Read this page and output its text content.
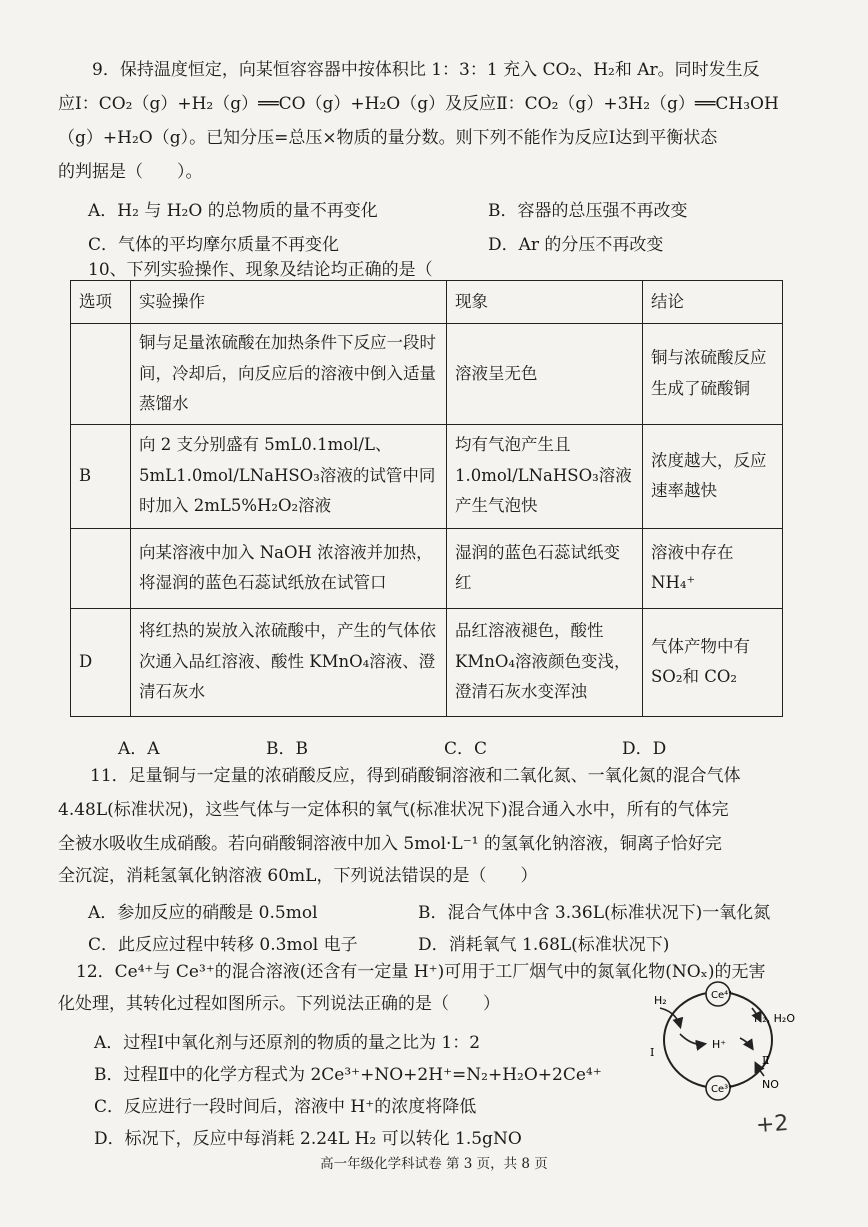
9．保持温度恒定，向某恒容容器中按体积比 1：3：1 充入 CO₂、H₂和 Ar。同时发生反
应Ⅰ：CO₂（g）+H₂（g）══CO（g）+H₂O（g）及反应Ⅱ：CO₂（g）+3H₂（g）══CH₃OH
（g）+H₂O（g）。已知分压=总压×物质的量分数。则下列不能作为反应Ⅰ达到平衡状态
的判据是（　　）。
A．H₂ 与 H₂O 的总物质的量不再变化	B．容器的总压强不再改变
C．气体的平均摩尔质量不再变化	D．Ar 的分压不再改变
10、下列实验操作、现象及结论均正确的是（
选项	实验操作	现象	结论
	铜与足量浓硫酸在加热条件下反应一段时间，冷却后，向反应后的溶液中倒入适量蒸馏水	溶液呈无色	铜与浓硫酸反应生成了硫酸铜
B	向 2 支分别盛有 5mL0.1mol/L、5mL1.0mol/LNaHSO₃溶液的试管中同时加入 2mL5%H₂O₂溶液	均有气泡产生且1.0mol/LNaHSO₃溶液产生气泡快	浓度越大，反应速率越快
	向某溶液中加入 NaOH 浓溶液并加热，将湿润的蓝色石蕊试纸放在试管口	湿润的蓝色石蕊试纸变红	溶液中存在 NH₄⁺
D	将红热的炭放入浓硫酸中，产生的气体依次通入品红溶液、酸性 KMnO₄溶液、澄清石灰水	品红溶液褪色，酸性KMnO₄溶液颜色变浅，澄清石灰水变浑浊	气体产物中有 SO₂和 CO₂
A．A	B．B	C．C	D．D
11．足量铜与一定量的浓硝酸反应，得到硝酸铜溶液和二氧化氮、一氧化氮的混合气体
4.48L(标准状况)，这些气体与一定体积的氧气(标准状况下)混合通入水中，所有的气体完
全被水吸收生成硝酸。若向硝酸铜溶液中加入 5mol·L⁻¹ 的氢氧化钠溶液，铜离子恰好完
全沉淀，消耗氢氧化钠溶液 60mL，下列说法错误的是（　　）
A．参加反应的硝酸是 0.5mol	B．混合气体中含 3.36L(标准状况下)一氧化氮
C．此反应过程中转移 0.3mol 电子	D．消耗氧气 1.68L(标准状况下)
12．Ce⁴⁺与 Ce³⁺的混合溶液(还含有一定量 H⁺)可用于工厂烟气中的氮氧化物(NOₓ)的无害
化处理，其转化过程如图所示。下列说法正确的是（　　）
A．过程Ⅰ中氧化剂与还原剂的物质的量之比为 1：2
B．过程Ⅱ中的化学方程式为 2Ce³⁺+NO+2H⁺=N₂+H₂O+2Ce⁴⁺
C．反应进行一段时间后，溶液中 H⁺的浓度将降低
D．标况下，反应中每消耗 2.24L H₂ 可以转化 1.5gNO
Ce⁴⁺
Ce³⁺
H₂
N₂, H₂O
H⁺
Ⅰ
Ⅱ
NO
+2
高一年级化学科试卷 第 3 页，共 8 页
